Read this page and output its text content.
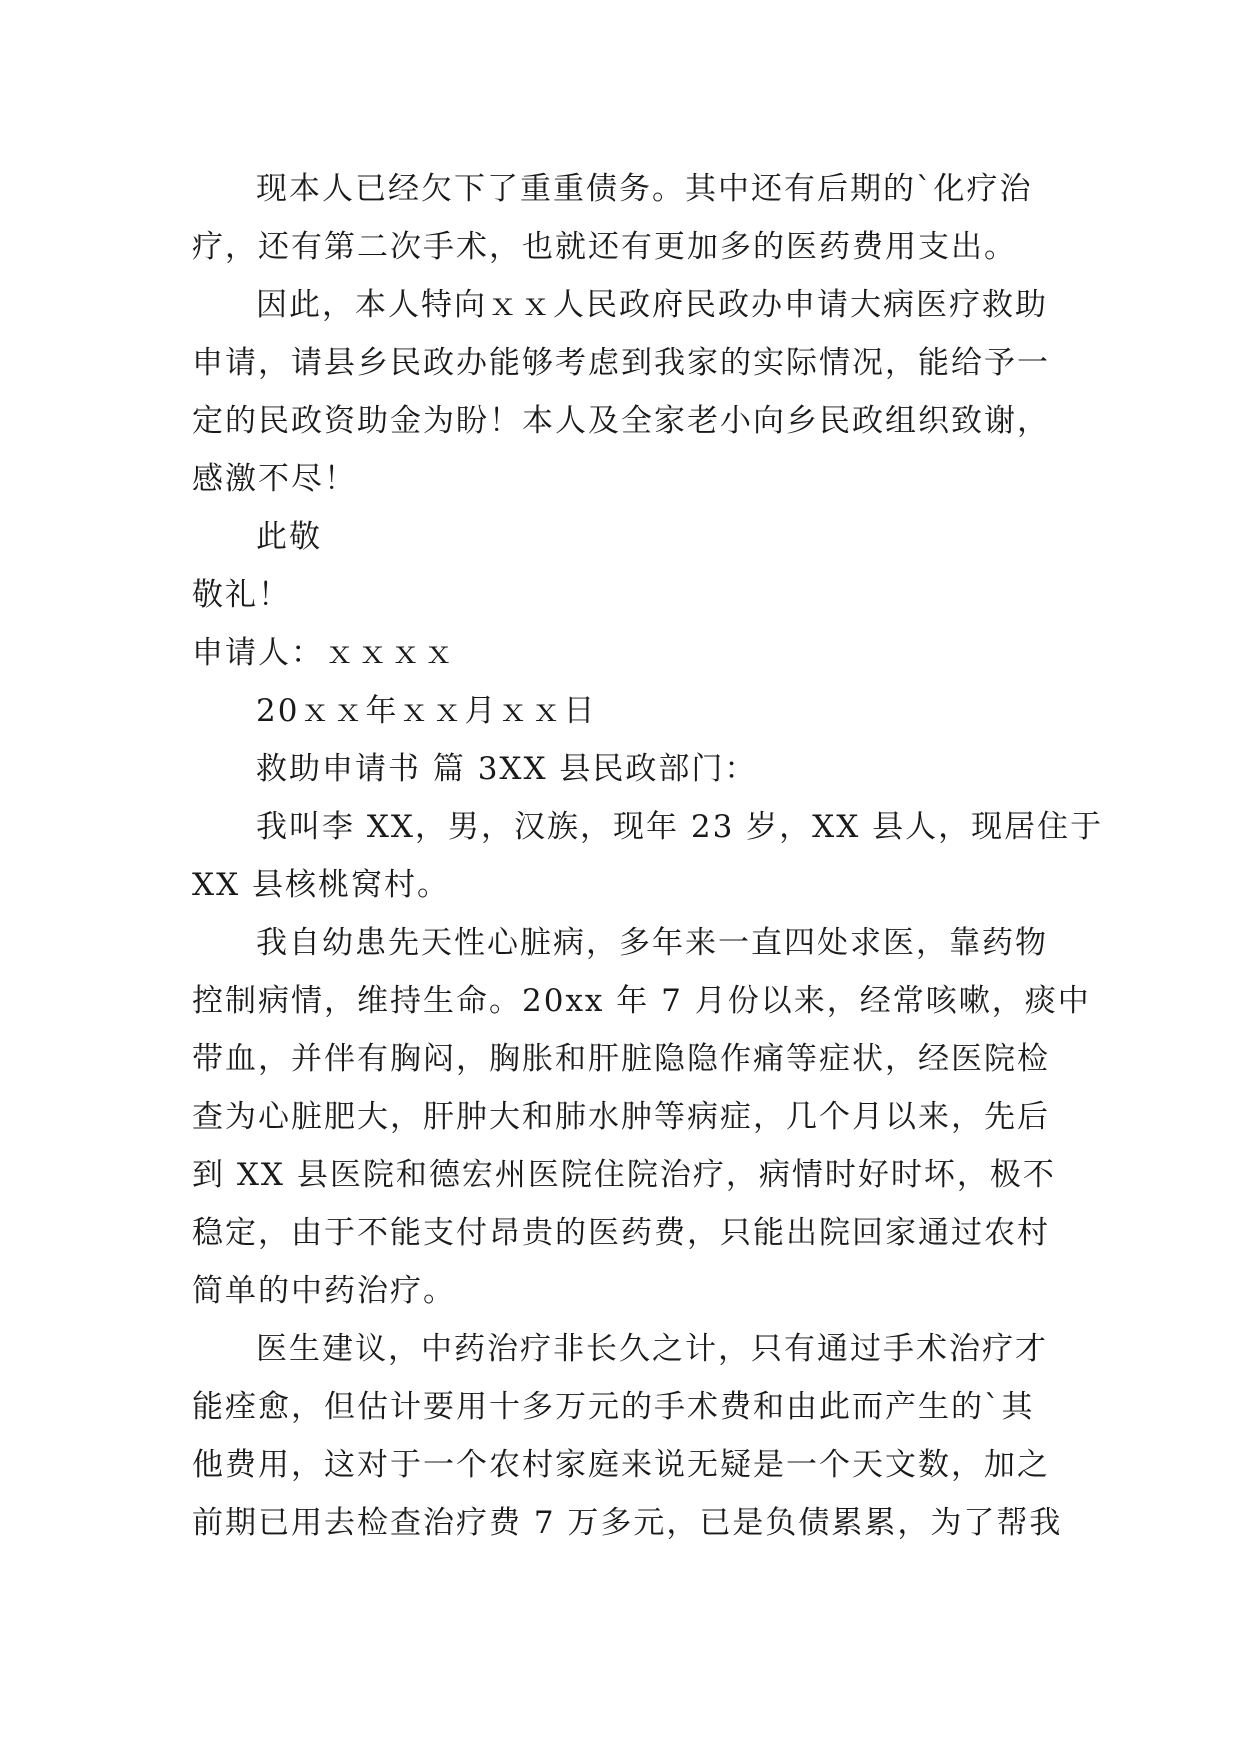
现本人已经欠下了重重债务。其中还有后期的`化疗治
疗，还有第二次手术，也就还有更加多的医药费用支出。
因此，本人特向ｘｘ人民政府民政办申请大病医疗救助
申请，请县乡民政办能够考虑到我家的实际情况，能给予一
定的民政资助金为盼！本人及全家老小向乡民政组织致谢，
感激不尽！
此敬
敬礼！
申请人：ｘｘｘｘ
20ｘｘ年ｘｘ月ｘｘ日
救助申请书 篇 3XX 县民政部门：
我叫李 XX，男，汉族，现年 23 岁，XX 县人，现居住于
XX 县核桃窝村。
我自幼患先天性心脏病，多年来一直四处求医，靠药物
控制病情，维持生命。20xx 年 7 月份以来，经常咳嗽，痰中
带血，并伴有胸闷，胸胀和肝脏隐隐作痛等症状，经医院检
查为心脏肥大，肝肿大和肺水肿等病症，几个月以来，先后
到 XX 县医院和德宏州医院住院治疗，病情时好时坏，极不
稳定，由于不能支付昂贵的医药费，只能出院回家通过农村
简单的中药治疗。
医生建议，中药治疗非长久之计，只有通过手术治疗才
能痊愈，但估计要用十多万元的手术费和由此而产生的`其
他费用，这对于一个农村家庭来说无疑是一个天文数，加之
前期已用去检查治疗费 7 万多元，已是负债累累，为了帮我
